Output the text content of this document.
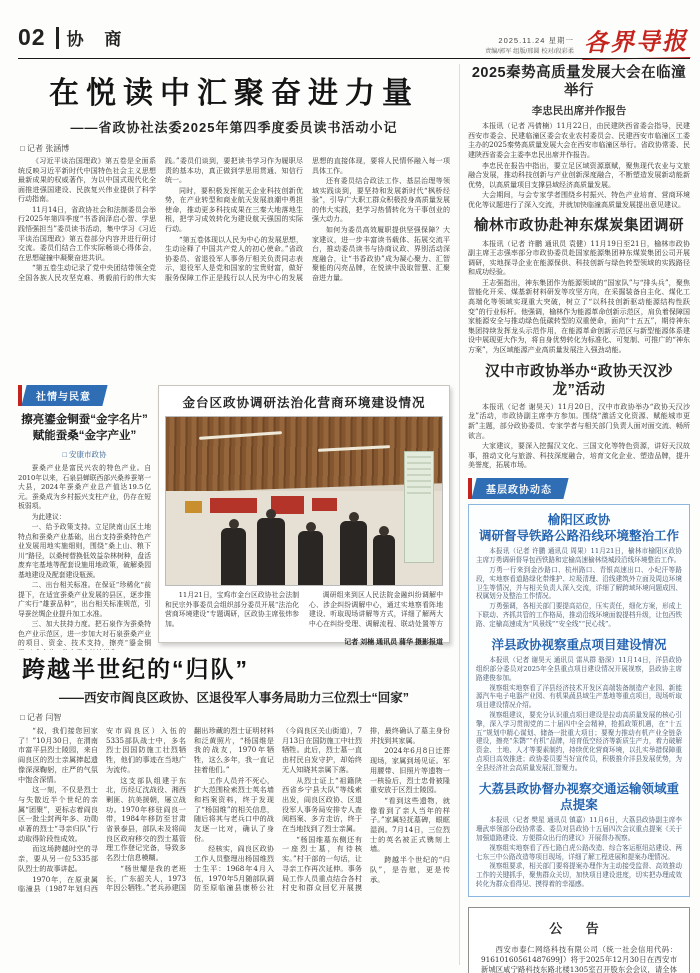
02 协 商	2025.11.24 星期一
责编/郭军 组版/邢圆 校对/段彩柔 各界导报
在悦读中汇聚奋进力量
——省政协社法委2025年第四季度委员读书活动小记
□ 记者 张涵博

《习近平谈治国理政》第五卷是全面系统反映习近平新时代中国特色社会主义思想最新成果的权威著作，为以中国式现代化全面推进强国建设、民族复兴伟业提供了科学行动指南。

11月14日，省政协社会和法制委员会举行2025年第四季度“书香润泽启心智、学思践悟强担当”委员读书活动，集中学习《习近平谈治国理政》第五卷部分内容并进行研讨交流。委员们结合工作实际畅谈心得体会，在思想碰撞中凝聚奋进共识。

“第五卷生动记录了党中央团结带领全党全国各族人民攻坚克难、勇毅前行的伟大实践。”委员们谈到，要把读书学习作为履职尽责的基本功，真正做到学思用贯通、知信行统一。

同时，要积极发挥航天企业科技创新优势，在产业转型和商业航天发展浪潮中勇担使命，推动更多科技成果在三秦大地落地生根，把学习成效转化为建设航天强国的实际行动。

“第五卷体现以人民为中心的发展思想，生动诠释了中国共产党人的初心使命。”省政协委员、省退役军人事务厅相关负责同志表示，退役军人是党和国家的宝贵财富，做好服务保障工作正是践行以人民为中心的发展思想的直接体现，要将人民情怀融入每一项具体工作。

还有委员结合政法工作、基层治理等领域实践谈到，要坚持和发展新时代“枫桥经验”，引导广大职工群众积极投身高质量发展的伟大实践，把学习热情转化为干事创业的强大动力。

如何为委员高效履职提供坚强保障？大家建议，进一步丰富读书载体、拓展交流平台，推动委员读书与协商议政、界别活动深度融合，让“书香政协”成为凝心聚力、汇智聚能的闪亮品牌，在悦读中汲取智慧、汇聚奋进力量。

社情与民意
擦亮鎏金铜蚕“金字名片”
赋能蚕桑“金字产业”
□ 安康市政协

蚕桑产业是富民兴农的特色产业。自2010年以来，石泉县蝉联西部兴桑养蚕第一大县，2024年蚕桑产业总产值达19.5亿元。蚕桑成为乡村振兴支柱产业，仍存在短板弱项。

为此建议：

一、给予政策支持。立足陕南山区土地特点和蚕桑产业基础，出台支持蚕桑特色产业发展用地实施细则，围绕“桑上山、粮下川”路径，以桑树替换低效益杂林树种，盘活废弃宅基地等配套设施用地政策，破解桑园基地建设及配套建设瓶颈。

二、出台相关标准。在保证“珍稀化”前提下，在适宜蚕桑产业发展的县区，逐步推广实行“雄蚕品种”，出台相关标准规范，引导蚕丝绸企业提升加工水准。

三、加大扶持力度。把石泉作为蚕桑特色产业示范区，进一步加大对石泉蚕桑产业的项目、资金、技术支持，擦亮“鎏金铜

金台区政协调研法治化营商环境建设情况

11月21日，宝鸡市金台区政协社会法制和民宗外事委员会组织部分委员开展“法治化营商环境建设”专题调研，区政协主席张炜参加。

调研组来到区人民法院金融纠纷调解中心、涉企纠纷调解中心，通过实地察看阵地建设、听取现场讲解等方式，详细了解两大中心在纠纷受理、调解流程、联动处置等方

记者 刘楠 通讯员 蒲华 摄影报道
跨越半世纪的“归队”
——西安市阎良区政协、区退役军人事务局助力三位烈士“回家”
□ 记者 闫智

“叔，我们接您回家了！”10月30日，在渭南市富平县烈士陵园，来自阎良区的烈士亲属捧起遗像深深鞠躬，庄严的气氛中饱含深情。

这一刻，不仅是烈士与失散近半个世纪的亲属“团聚”，更标志着阎良区一批尘封两年多、功勋卓著的烈士“寻亲归队”行动取得阶段性成效。

而这场跨越时空的寻亲，要从另一位5335部队烈士的故事讲起。

1970年，在原隶属临潼县（1987年划归西安市阎良区）入伍的5335部队战士中，多名烈士因国防施工壮烈牺牲，他们的事迹在当地广为流传。

这支部队组建于东北，历经辽沈战役、湘西剿匪、抗美援朝，屡立战功。1970年移驻阎良一带，1984年移防至甘肃省景泰县，部队未及将阎良区政府移交的烈士墓管理工作登记完备，导致多名烈士信息模糊。

“杨世耀是我的老班长，广东韶关人，1973年因公牺牲。”老兵孙建国翻出珍藏的烈士证明材料和泛黄照片，“杨国维是我的战友，1970年牺牲，这么多年，我一直记挂着他们。”

工作人员并不死心，扩大范围检索烈士英名墙和档案资料，终于发现了“杨国维”的相关信息，随后将其与老兵口中的战友逐一比对，确认了身份。

经核实，阎良区政协工作人员整理出杨国维烈士生平：1968年4月入伍，1970年5月随部队调防至原临潼县康桥公社（今阎良区关山街道），7月13日在国防施工中壮烈牺牲。此后，烈士墓一直由村民自发守护，却始终无人知晓其亲属下落。

从烈士证上“祖籍陕西省乡宁县大队”等线索出发，阎良区政协、区退役军人事务局安排专人查阅档案、多方走访，终于在当地找到了烈士亲属。

“杨国维墓东侧还有一座烈士墓，有待核实。”村干部的一句话，让寻亲工作再次延伸。事务局工作人员重点结合各村村史和群众回忆开展摸排，最终确认了墓主身份并找到其家属。

2024年6月8日迁葬现场，家属到场见证。军用腰带、旧照片等遗物一一核验后，烈士忠骨被隆重安放于区烈士陵园。

“看到这些遗物，就像看到了亲人当年的样子。”家属轻抚墓碑，眼眶湿润。7月14日，三位烈士的英名被正式镌刻上墙。

跨越半个世纪的“归队”，是告慰，更是传承。

2025秦势高质量发展大会在临潼举行
李忠民出席并作报告

本报讯（记者 冯倩楠）11月22日，由民建陕西省委会指导，民建西安市委会、民建临潼区委会农业农村委员会、民建西安市临潼区工委主办的2025秦势高质量发展大会在西安市临潼区举行。省政协常委、民建陕西省委会主委李忠民出席并作报告。

李忠民在报告中指出，要立足区域资源禀赋，聚焦现代农业与文旅融合发展，推动科技创新与产业创新深度融合，不断塑造发展新动能新优势，以高质量项目支撑县域经济高质量发展。

大会期间，与会专家学者围绕乡村振兴、特色产业培育、营商环境优化等议题进行了深入交流，并就加快临潼高质量发展提出意见建议。

榆林市政协赴神东煤炭集团调研

本报讯（记者 许鹏 通讯员 袁健）11月19日至21日，榆林市政协副主席王志强率部分市政协委员赴国家能源集团神东煤炭集团公司开展调研，实地探寻企业在能源保供、科技创新与绿色转型领域的实践路径和成功经验。

王志强指出，神东集团作为能源领域的“国家队”与“排头兵”，聚焦智能化开采、煤基新材料研发等攻坚方向，在采掘装备自主化、煤化工高端化等领域实现重大突破，树立了“以科技创新驱动能源结构性跃变”的行业标杆。他强调，榆林作为能源革命创新示范区，肩负着保障国家能源安全与推动绿色低碳转型的双重使命，面向“十五五”，期待神东集团持续发挥龙头示范作用，在能源革命创新示范区与新型能源体系建设中展现更大作为，将自身优势转化为标准化、可复制、可推广的“神东方案”，为区域能源产业高质量发展注入强劲动能。

汉中市政协举办“政协天汉沙龙”活动

本报讯（记者 谢昊天）11月20日，汉中市政协举办“政协天汉沙龙”活动，市政协副主席李方参加。围绕“激活文化资源、赋能城市更新”主题，部分政协委员、专家学者与相关部门负责人面对面交流、畅所欲言。

大家建议，要深入挖掘汉文化、三国文化等特色资源，讲好天汉故事，推动文化与旅游、科技深度融合，培育文化企业、塑造品牌，提升美誉度，拓展市场。

基层政协动态
榆阳区政协
调研督导铁路公路沿线环境整治工作

本报讯（记者 许鹏 通讯员 周果）11月21日，榆林市榆阳区政协主席万勇调研督导包西铁路和定榆高速榆林绕城段沿线环境整治工作。

万勇一行来到金沙路口、杭州路口、青银高速出口、小纪汗等路段，实地察看道路绿化带维护、垃圾清理、沿线建筑外立面及周边环境卫生等情况，并与相关负责人深入交流，详细了解跨域环境问题成因、权属划分及整治工作情况。

万勇强调，各相关部门要提高站位，压实责任，细化方案，形成上下联动、齐抓共管的工作格局，推动沿线环境面貌提档升级，让包西铁路、定榆高速成为“风景线”“安全线”“民心线”。

洋县政协视察重点项目建设情况

本报讯（记者 谢昊天 通讯员 雷从群 骆深）11月14日，洋县政协组织部分委员对2025年全县重点项目建设情况开展视察，县政协主席路建俊参加。

视察组实地察看了洋县经济技术开发区高端装备制造产业园、新能源汽车电子电器产业园、有机果蔬县域生产基地等重点项目，现场听取项目建设情况介绍。

视察组建议，要充分认识重点项目建设是拉动高质量发展的核心引擎，深入学习贯彻党的二十届四中全会精神，抢抓政策机遇，在“十五五”规划中精心谋划、储备一批重大项目；要聚力推动有机产业全链条建设，擦亮“朱鹮”“有机”品牌，培育低空经济等新质生产力，着力破解资金、土地、人才等要素制约，持续优化营商环境，以扎实举措保障重点项目高效推进；政协委员要当好宣传员，积极推介洋县发展优势，为全县经济社会高质量发展汇智聚力。

大荔县政协督办视察交通运输领域重点提案

本报讯（记者 樊星 通讯员 镇嘉）11月6日，大荔县政协副主席李珊武率领部分政协常委、委员对县政协十五届四次会议重点提案《关于加强道路建设、方便群众出行的建议》开展督办视察。

视察组实地察看了西七路白虎公路改造、综合客运枢纽站建设、两七东三中公路改造等项目现场，详细了解工程进展和提案办理情况。

视察组要求，相关部门要将提案办理作为主动接受监督、高效推动工作的关键抓手，聚焦群众关切，加快项目建设进度，切实把办理成效转化为群众看得见、摸得着的幸福感。

公 告

西安市泰仁网络科技有限公司（统一社会信用代码：91610160561487699J）将于2025年12月30日在西安市新城区咸宁路科技东路北楼1305室召开股东会会议，请全体
